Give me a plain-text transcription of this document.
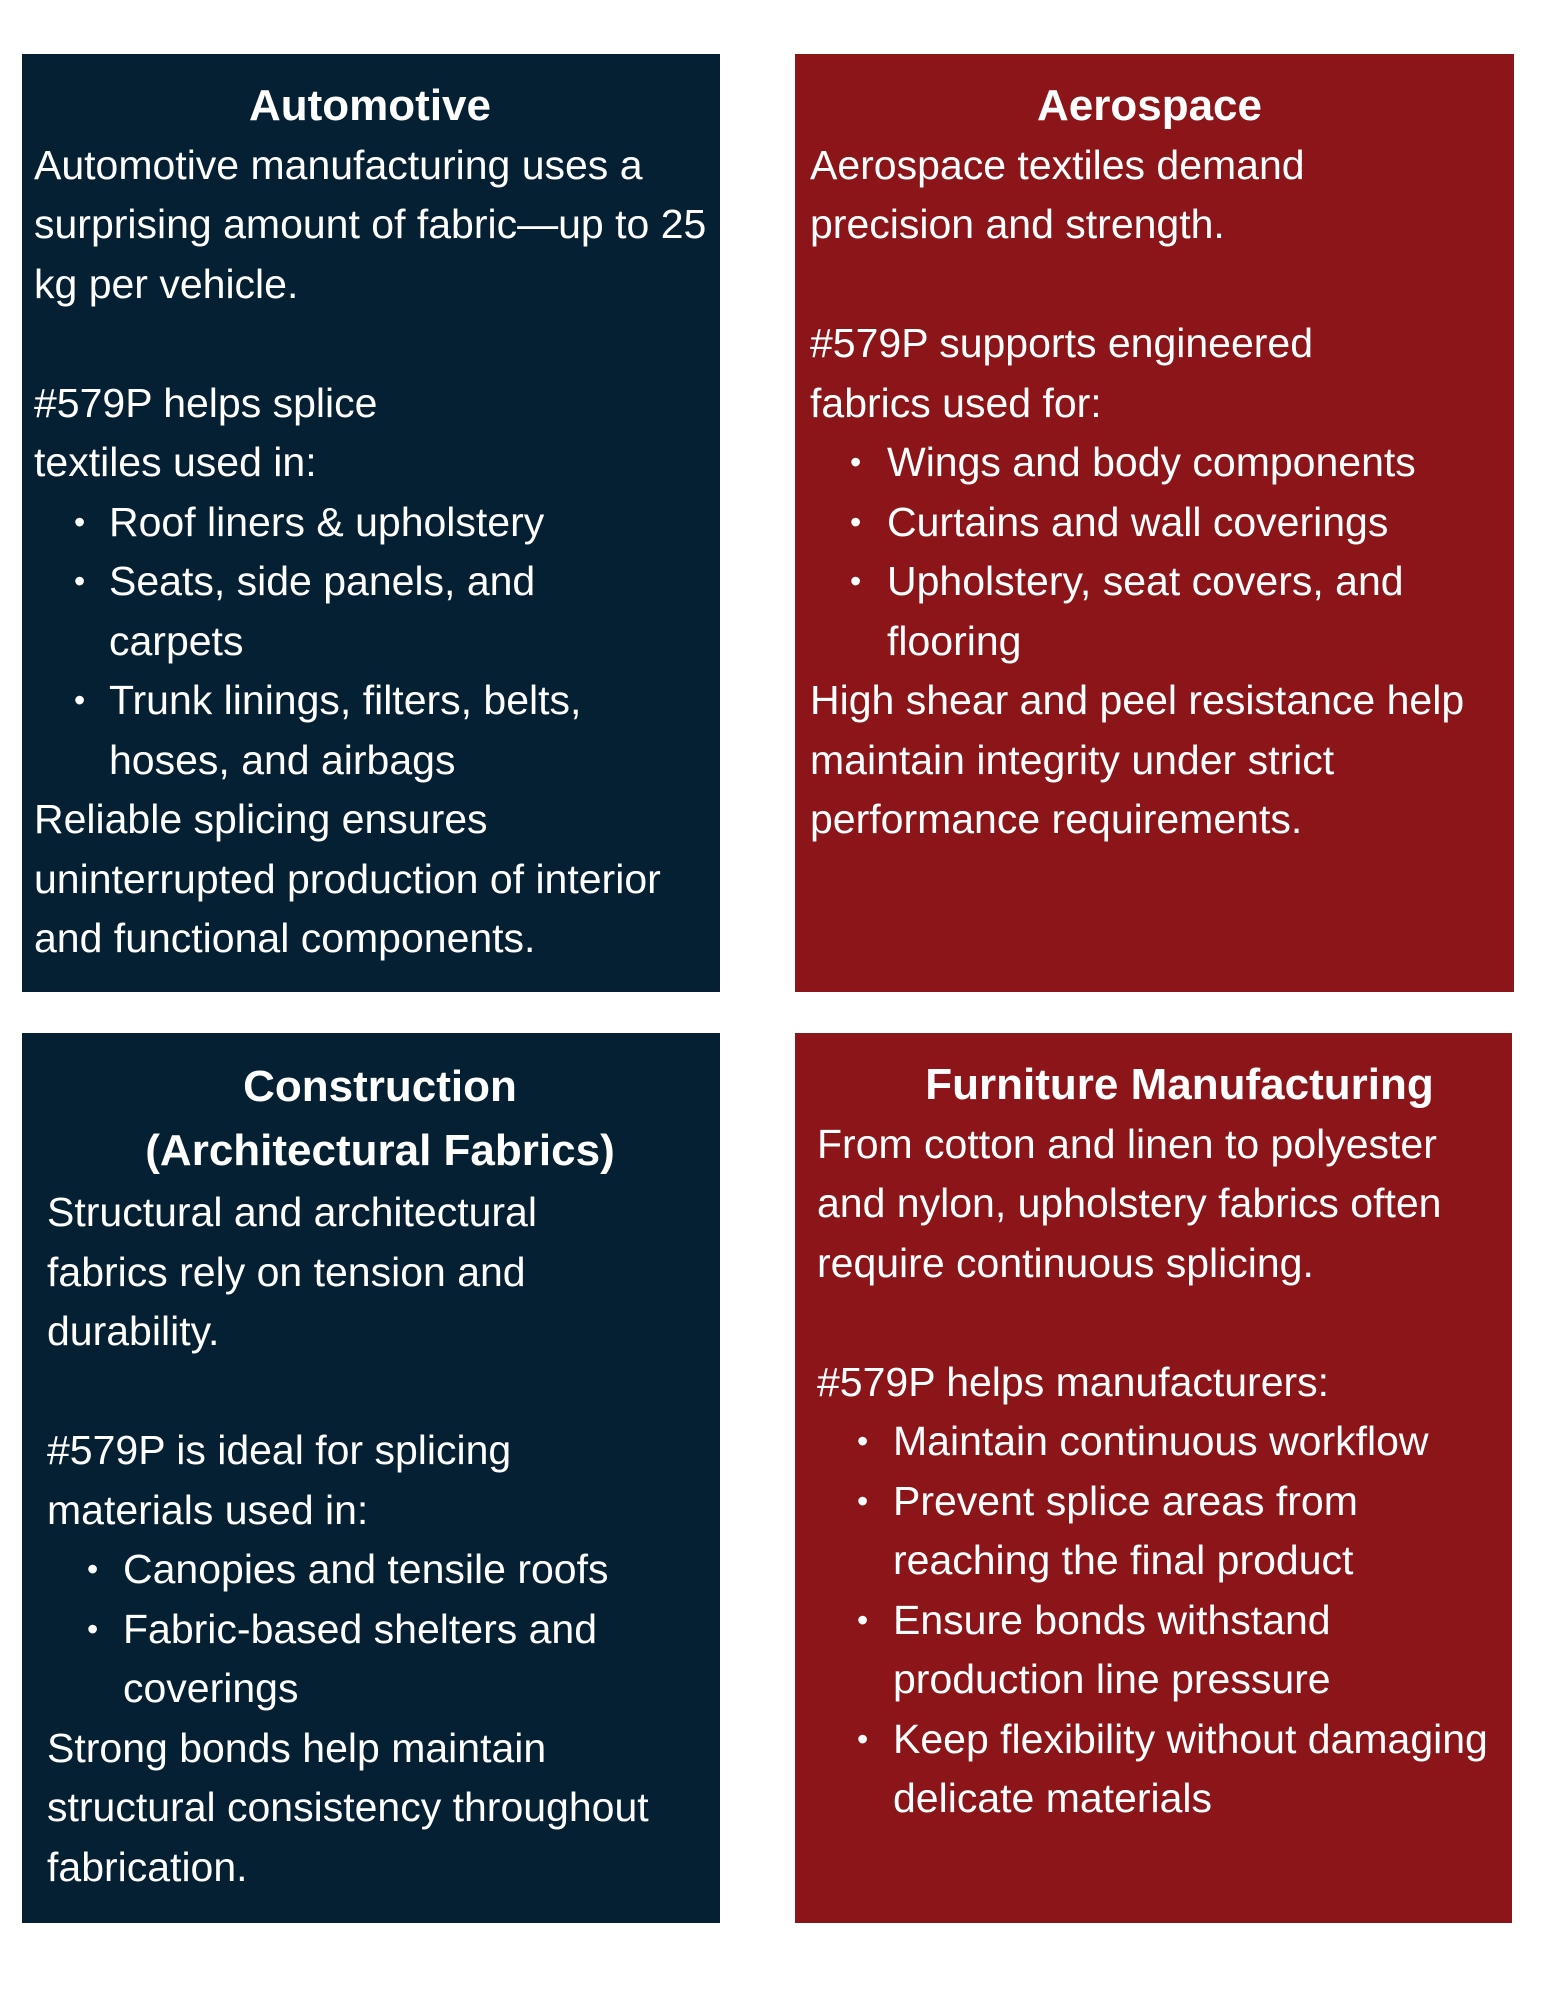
Automotive

Automotive manufacturing uses a surprising amount of fabric—up to 25 kg per vehicle.

#579P helps splice textiles used in:

• Roof liners & upholstery
• Seats, side panels, and carpets
• Trunk linings, filters, belts, hoses, and airbags

Reliable splicing ensures uninterrupted production of interior and functional components.

Aerospace

Aerospace textiles demand precision and strength.

#579P supports engineered fabrics used for:

• Wings and body components
• Curtains and wall coverings
• Upholstery, seat covers, and flooring

High shear and peel resistance help maintain integrity under strict performance requirements.

Construction
(Architectural Fabrics)

Structural and architectural fabrics rely on tension and durability.

#579P is ideal for splicing materials used in:

• Canopies and tensile roofs
• Fabric-based shelters and coverings

Strong bonds help maintain structural consistency throughout fabrication.

Furniture Manufacturing

From cotton and linen to polyester and nylon, upholstery fabrics often require continuous splicing.

#579P helps manufacturers:

• Maintain continuous workflow
• Prevent splice areas from reaching the final product
• Ensure bonds withstand production line pressure
• Keep flexibility without damaging delicate materials
